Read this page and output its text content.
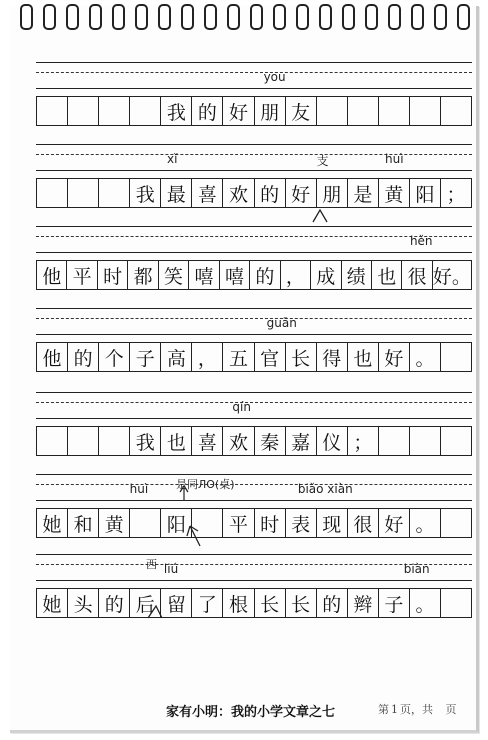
you
我 的 好 朋 友
xǐ	支	huì
我 最 喜 欢 的 好 朋 是 黄 阳 ；
hěn
他 平 时 都 笑 嘻 嘻 的 ， 成 绩 也 很 好。
guān
他 的 个 子 高 ， 五 官 长 得 也 好 。
qín
我 也 喜 欢 秦 嘉 仪 ；
huì	biǎo xiàn
她 和 黄	阳	平 时 表 现 很 好 。
liú	biàn
她 头 的 后 留 了 根 长 长 的 辫 子 。
是同ЛО(桌)
西
家有小明：我的小学文章之七	第 1 页，共 页
